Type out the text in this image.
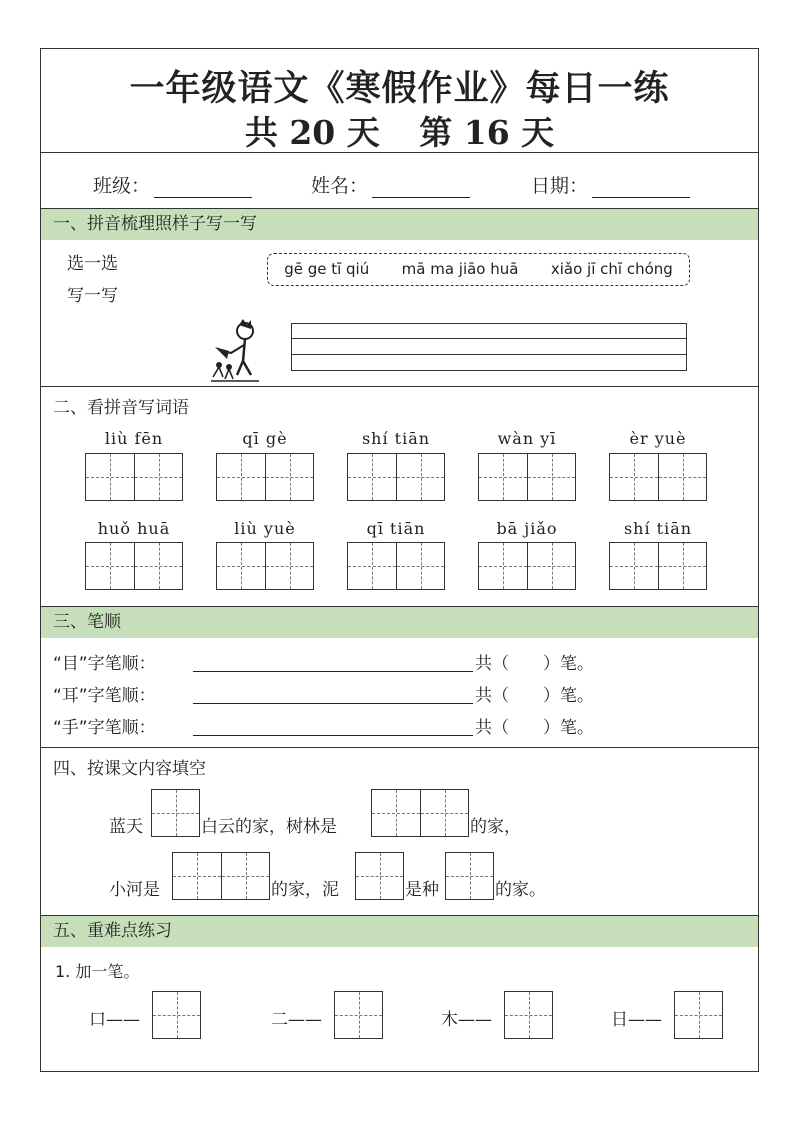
一年级语文《寒假作业》每日一练
共 20 天 第 16 天
班级：	姓名：	日期：
一、拼音梳理照样子写一写
选一选
写一写
gē ge tī qiú mā ma jiāo huā xiǎo jī chī chóng
二、看拼音写词语
liù fēn	qī gè	shí tiān	wàn yī	èr yuè
huǒ huā	liù yuè	qī tiān	bā jiǎo	shí tiān
三、笔顺
“目”字笔顺：	共（　　）笔。
“耳”字笔顺：	共（　　）笔。
“手”字笔顺：	共（　　）笔。
四、按课文内容填空
蓝天	白云的家，树林是	的家，
小河是	的家，泥	是种	的家。
五、重难点练习
1. 加一笔。
口——	二——	木——	日——
